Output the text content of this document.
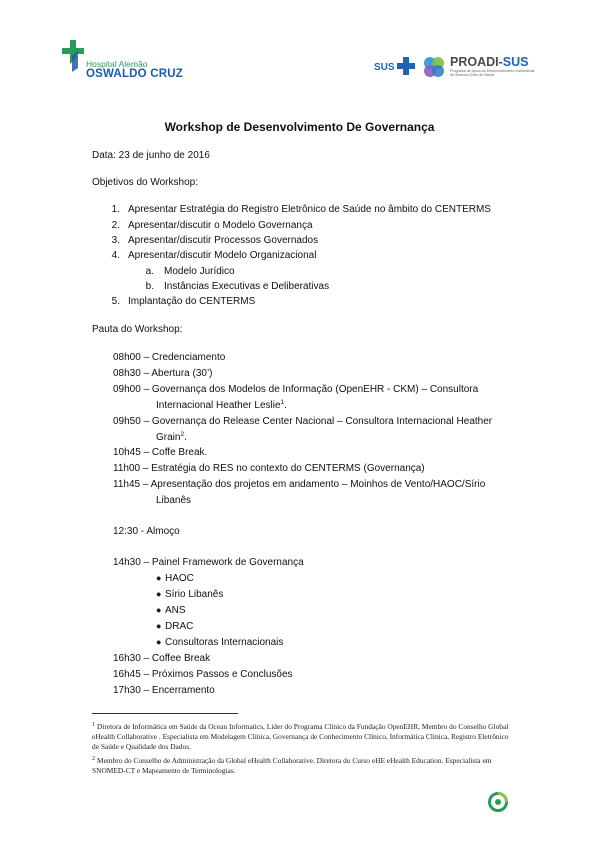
Hospital Alemão
OSWALDO CRUZ
SUS	PROADI-SUS
Programa de Apoio ao Desenvolvimento Institucional do Sistema Único de Saúde
Workshop de Desenvolvimento De Governança
Data: 23 de junho de 2016
Objetivos do Workshop:
1. Apresentar Estratégia do Registro Eletrônico de Saúde no âmbito do CENTERMS
2. Apresentar/discutir o Modelo Governança
3. Apresentar/discutir Processos Governados
4. Apresentar/discutir Modelo Organizacional
a. Modelo Jurídico
b. Instâncias Executivas e Deliberativas
5. Implantação do CENTERMS
Pauta do Workshop:
08h00 – Credenciamento
08h30 – Abertura (30’)
09h00 – Governança dos Modelos de Informação (OpenEHR - CKM) – Consultora
Internacional Heather Leslie$^1$.
09h50 – Governança do Release Center Nacional – Consultora Internacional Heather
Grain$^2$.
10h45 – Coffe Break.
11h00 – Estratégia do RES no contexto do CENTERMS (Governança)
11h45 – Apresentação dos projetos em andamento – Moinhos de Vento/HAOC/Sírio
Libanês
12:30 - Almoço
14h30 – Painel Framework de Governança
● HAOC
● Sírio Libanês
● ANS
● DRAC
● Consultoras Internacionais
16h30 – Coffee Break
16h45 – Próximos Passos e Conclusões
17h30 – Encerramento
$^1$ Diretora de Informática em Saúde da Ocean Informatics, Líder do Programa Clínico da Fundação OpenEHR, Membro do Conselho Global eHealth Collaborative . Especialista em Modelagem Clínica, Governança de Conhecimento Clínico, Informática Clínica, Registro Eletrônico de Saúde e Qualidade dos Dados.
$^2$ Membro do Conselho de Administração da Global eHealth Collaborative. Diretora do Curso eHE eHealth Education. Especialista em SNOMED-CT e Mapeamento de Terminologias.
